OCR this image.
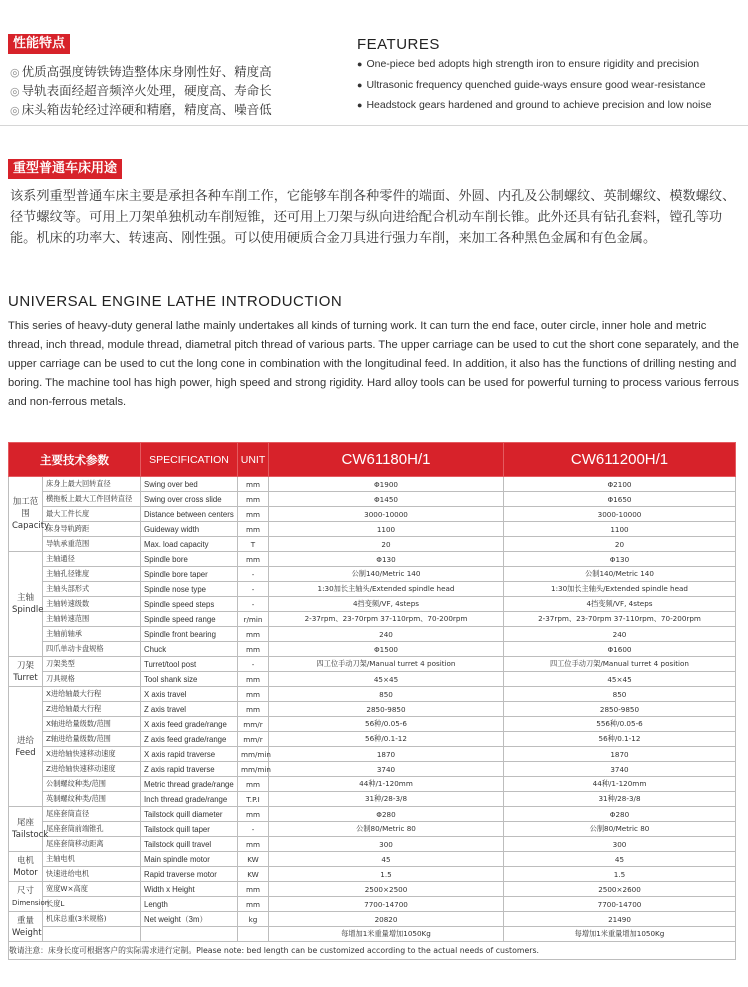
性能特点
◎ 优质高强度铸铁铸造整体床身刚性好、精度高
◎ 导轨表面经超音频淬火处理，硬度高、寿命长
◎ 床头箱齿轮经过淬硬和精磨，精度高、噪音低
FEATURES
● One-piece bed adopts high strength iron to ensure rigidity and precision
● Ultrasonic frequency quenched guide-ways ensure good wear-resistance
● Headstock gears hardened and ground to achieve precision and low noise
重型普通车床用途
该系列重型普通车床主要是承担各种车削工作，它能够车削各种零件的端面、外圆、内孔及公制螺纹、英制螺纹、模数螺纹、径节螺纹等。可用上刀架单独机动车削短锥，还可用上刀架与纵向进给配合机动车削长锥。此外还具有钻孔套料，镗孔等功能。机床的功率大、转速高、刚性强。可以使用硬质合金刀具进行强力车削，来加工各种黑色金属和有色金属。
UNIVERSAL ENGINE LATHE INTRODUCTION
This series of heavy-duty general lathe mainly undertakes all kinds of turning work. It can turn the end face, outer circle, inner hole and metric thread, inch thread, module thread, diametral pitch thread of various parts. The upper carriage can be used to cut the short cone separately, and the upper carriage can be used to cut the long cone in combination with the longitudinal feed. In addition, it also has the functions of drilling nesting and boring. The machine tool has high power, high speed and strong rigidity. Hard alloy tools can be used for powerful turning to process various ferrous and non-ferrous metals.
主要技术参数		SPECIFICATION	UNIT	CW61180H/1	CW611200H/1

加工范围
Capacity	床身上最大回转直径	Swing over bed	mm	Φ1900	Φ2100
	横拖板上最大工件回转直径	Swing over cross slide	mm	Φ1450	Φ1650
	最大工件长度	Distance between centers	mm	3000-10000	3000-10000
	床身导轨跨距	Guideway width	mm	1100	1100
	导轨承重范围	Max. load capacity	T	20	20

主轴
Spindle	主轴通径	Spindle bore	mm	Φ130	Φ130
	主轴孔径锥度	Spindle bore taper	-	公制140/Metric 140	公制140/Metric 140
	主轴头部形式	Spindle nose type	-	1:30加长主轴头/Extended spindle head	1:30加长主轴头/Extended spindle head
	主轴转速级数	Spindle speed steps	-	4挡变频/VF, 4steps	4挡变频/VF, 4steps
	主轴转速范围	Spindle speed range	r/min	2-37rpm、23-70rpm 37-110rpm、70-200rpm	2-37rpm、23-70rpm 37-110rpm、70-200rpm
	主轴前轴承	Spindle front bearing	mm	240	240
	四爪单动卡盘规格	Chuck	mm	Φ1500	Φ1600

刀架
Turret	刀架类型	Turret/tool post	-	四工位手动刀架/Manual turret 4 position	四工位手动刀架/Manual turret 4 position
	刀具规格	Tool shank size	mm	45×45	45×45

进给
Feed	X进给轴最大行程	X axis travel	mm	850	850
	Z进给轴最大行程	Z axis travel	mm	2850-9850	2850-9850
	X轴进给量级数/范围	X axis feed grade/range	mm/r	56种/0.05-6	556种/0.05-6
	Z轴进给量级数/范围	Z axis feed grade/range	mm/r	56种/0.1-12	56种/0.1-12
	X进给轴快速移动速度	X axis rapid traverse	mm/min	1870	1870
	Z进给轴快速移动速度	Z axis rapid traverse	mm/min	3740	3740
	公制螺纹种类/范围	Metric thread grade/range	mm	44种/1-120mm	44种/1-120mm
	英制螺纹种类/范围	Inch thread grade/range	T.P.I	31种/28-3/8	31种/28-3/8

尾座
Tailstock	尾座套筒直径	Tailstock quill diameter	mm	Φ280	Φ280
	尾座套筒前端锥孔	Tailstock quill taper	-	公制80/Metric 80	公制80/Metric 80
	尾座套筒移动距离	Tailstock quill travel	mm	300	300

电机
Motor	主轴电机	Main spindle motor	KW	45	45
	快速进给电机	Rapid traverse motor	KW	1.5	1.5

尺寸
Dimension	宽度W×高度	Width x Height	mm	2500×2500	2500×2600
	长度L	Length	mm	7700-14700	7700-14700

重量
Weight	机床总重(3米规格)	Net weight（3m）	kg	20820	21490
				每增加1米重量增加1050Kg	每增加1米重量增加1050Kg
敬请注意：床身长度可根据客户的实际需求进行定制。Please note: bed length can be customized according to the actual needs of customers.					
